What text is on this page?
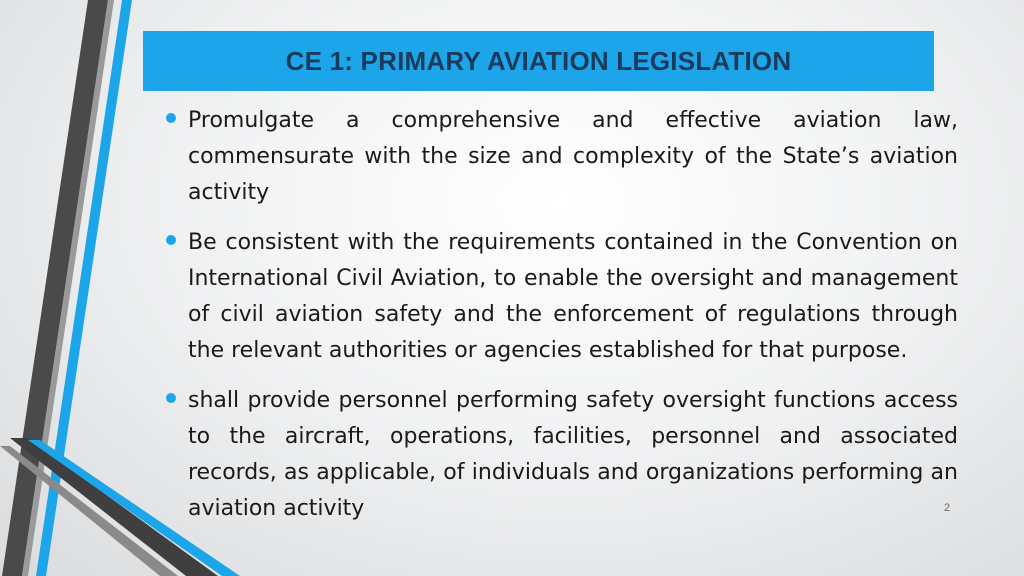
CE 1: PRIMARY AVIATION LEGISLATION
Promulgate a comprehensive and effective aviation law, commensurate with the size and complexity of the State’s aviation activity
Be consistent with the requirements contained in the Convention on International Civil Aviation, to enable the oversight and management of civil aviation safety and the enforcement of regulations through the relevant authorities or agencies established for that purpose.
shall provide personnel performing safety oversight functions access to the aircraft, operations, facilities, personnel and associated records, as applicable, of individuals and organizations performing an aviation activity	2
